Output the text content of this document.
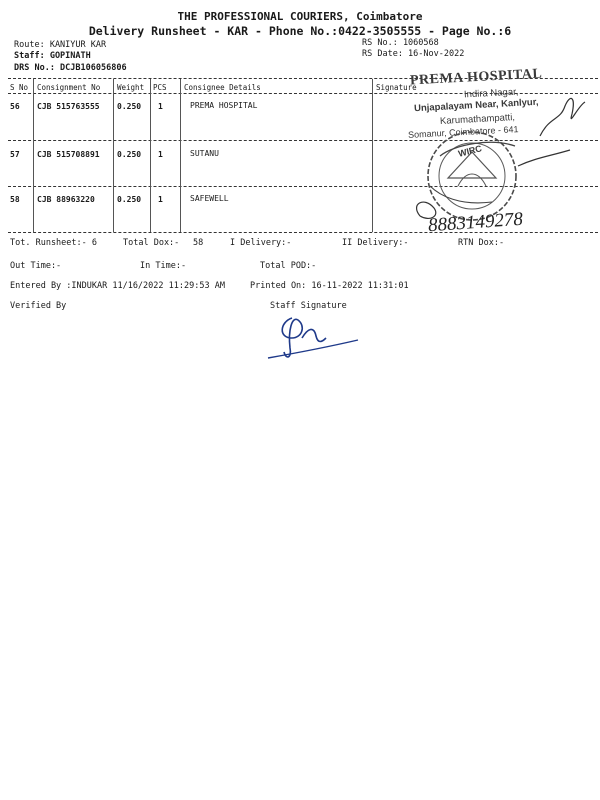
THE PROFESSIONAL COURIERS, Coimbatore
Delivery Runsheet - KAR - Phone No.:0422-3505555 - Page No.:6
Route: KANIYUR KAR
Staff: GOPINATH
DRS No.: DCJB106056806
RS No.: 1060568
RS Date: 16-Nov-2022
S No Consignment No Weight PCS Consignee Details	Signature
56 CJB 515763555 0.250 1	PREMA HOSPITAL
57 CJB 515708891 0.250 1	SUTANU
58 CJB 88963220	0.250 1	SAFEWELL
PREMA HOSPITAL
Indira Nagar,
Unjapalayam Near, Kanlyur,
Karumathampatti,
Somanur, Coimbatore - 641
WIRC
8883149278
Tot. Runsheet:- 6	Total Dox:- 58	I Delivery:-	II Delivery:-	RTN Dox:-
Out Time:-	In Time:-	Total POD:-
Entered By :INDUKAR 11/16/2022 11:29:53 AM	Printed On: 16-11-2022 11:31:01
Verified By	Staff Signature
